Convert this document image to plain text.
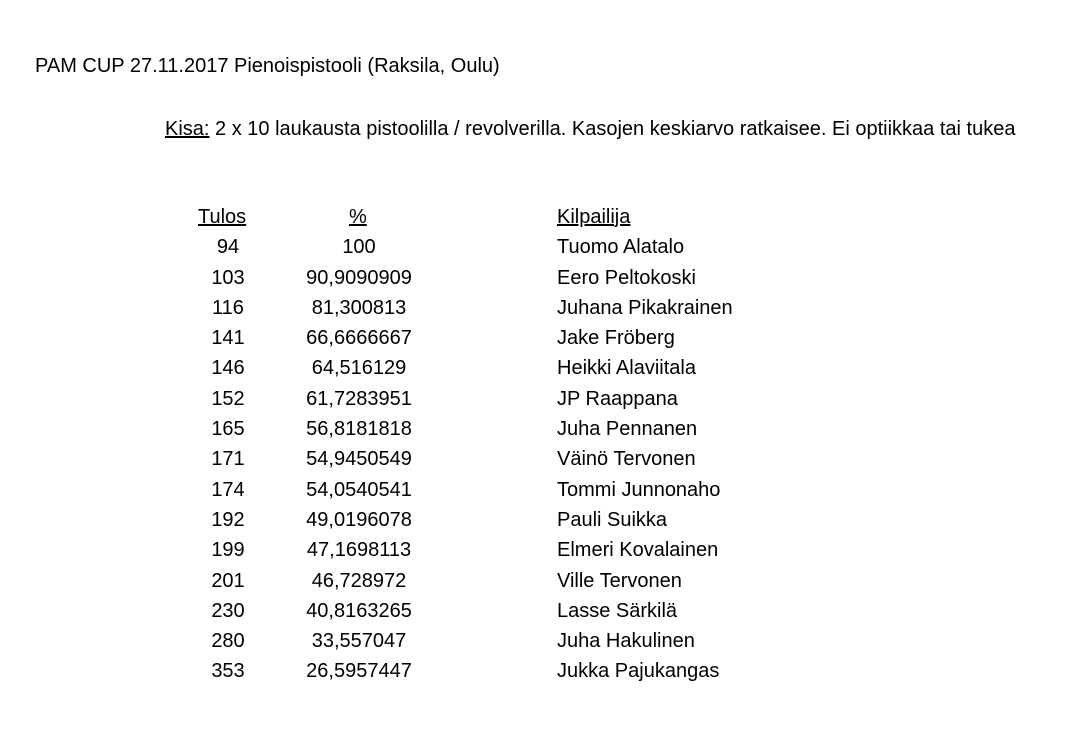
PAM CUP 27.11.2017 Pienoispistooli (Raksila, Oulu)
Kisa: 2 x 10 laukausta pistoolilla / revolverilla. Kasojen keskiarvo ratkaisee. Ei optiikkaa tai tukea
Tulos	%	Kilpailija
94	100	Tuomo Alatalo
103	90,9090909	Eero Peltokoski
116	81,300813	Juhana Pikakrainen
141	66,6666667	Jake Fröberg
146	64,516129	Heikki Alaviitala
152	61,7283951	JP Raappana
165	56,8181818	Juha Pennanen
171	54,9450549	Väinö Tervonen
174	54,0540541	Tommi Junnonaho
192	49,0196078	Pauli Suikka
199	47,1698113	Elmeri Kovalainen
201	46,728972	Ville Tervonen
230	40,8163265	Lasse Särkilä
280	33,557047	Juha Hakulinen
353	26,5957447	Jukka Pajukangas
